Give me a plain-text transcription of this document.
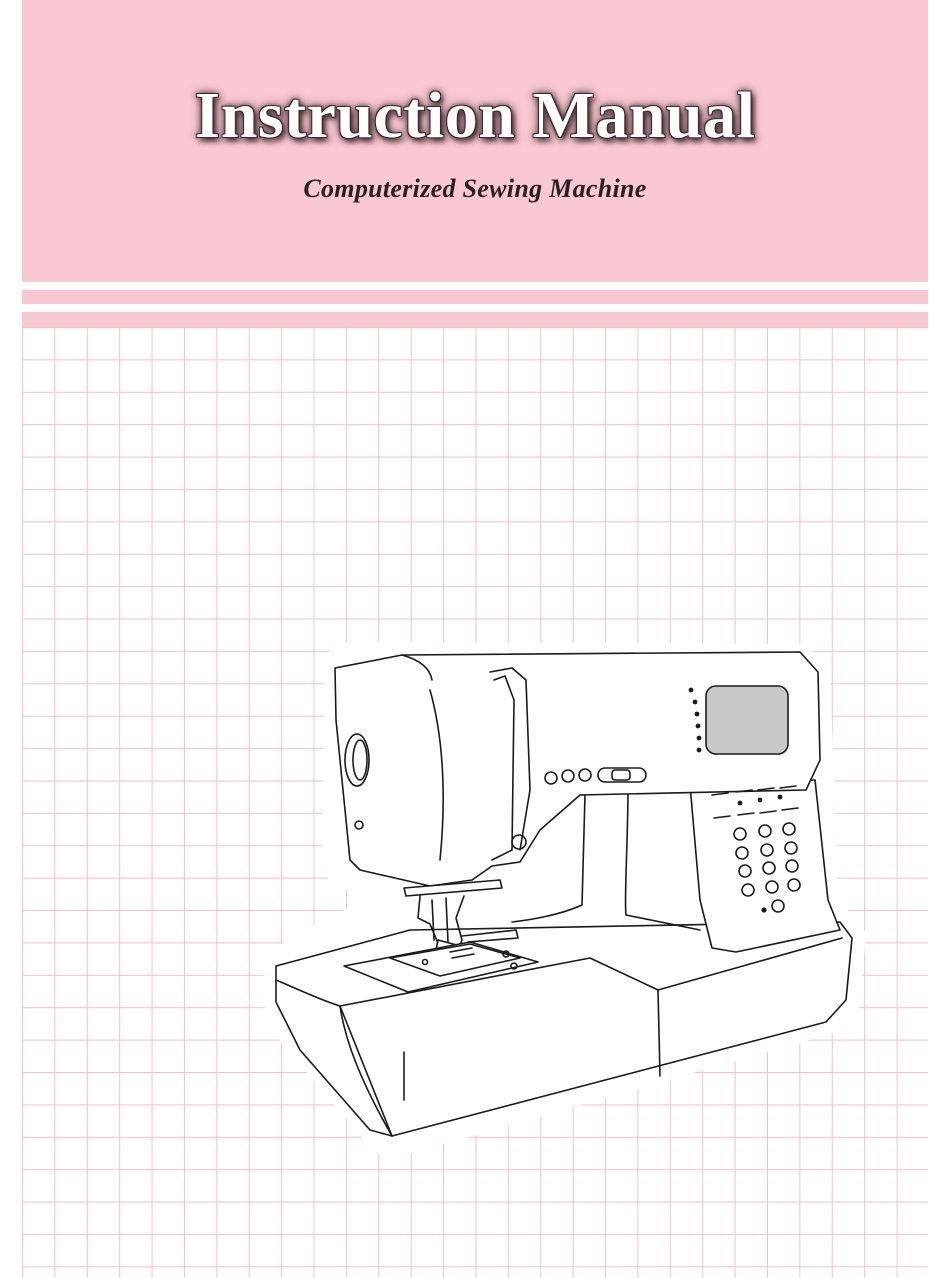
Instruction Manual
Computerized Sewing Machine
